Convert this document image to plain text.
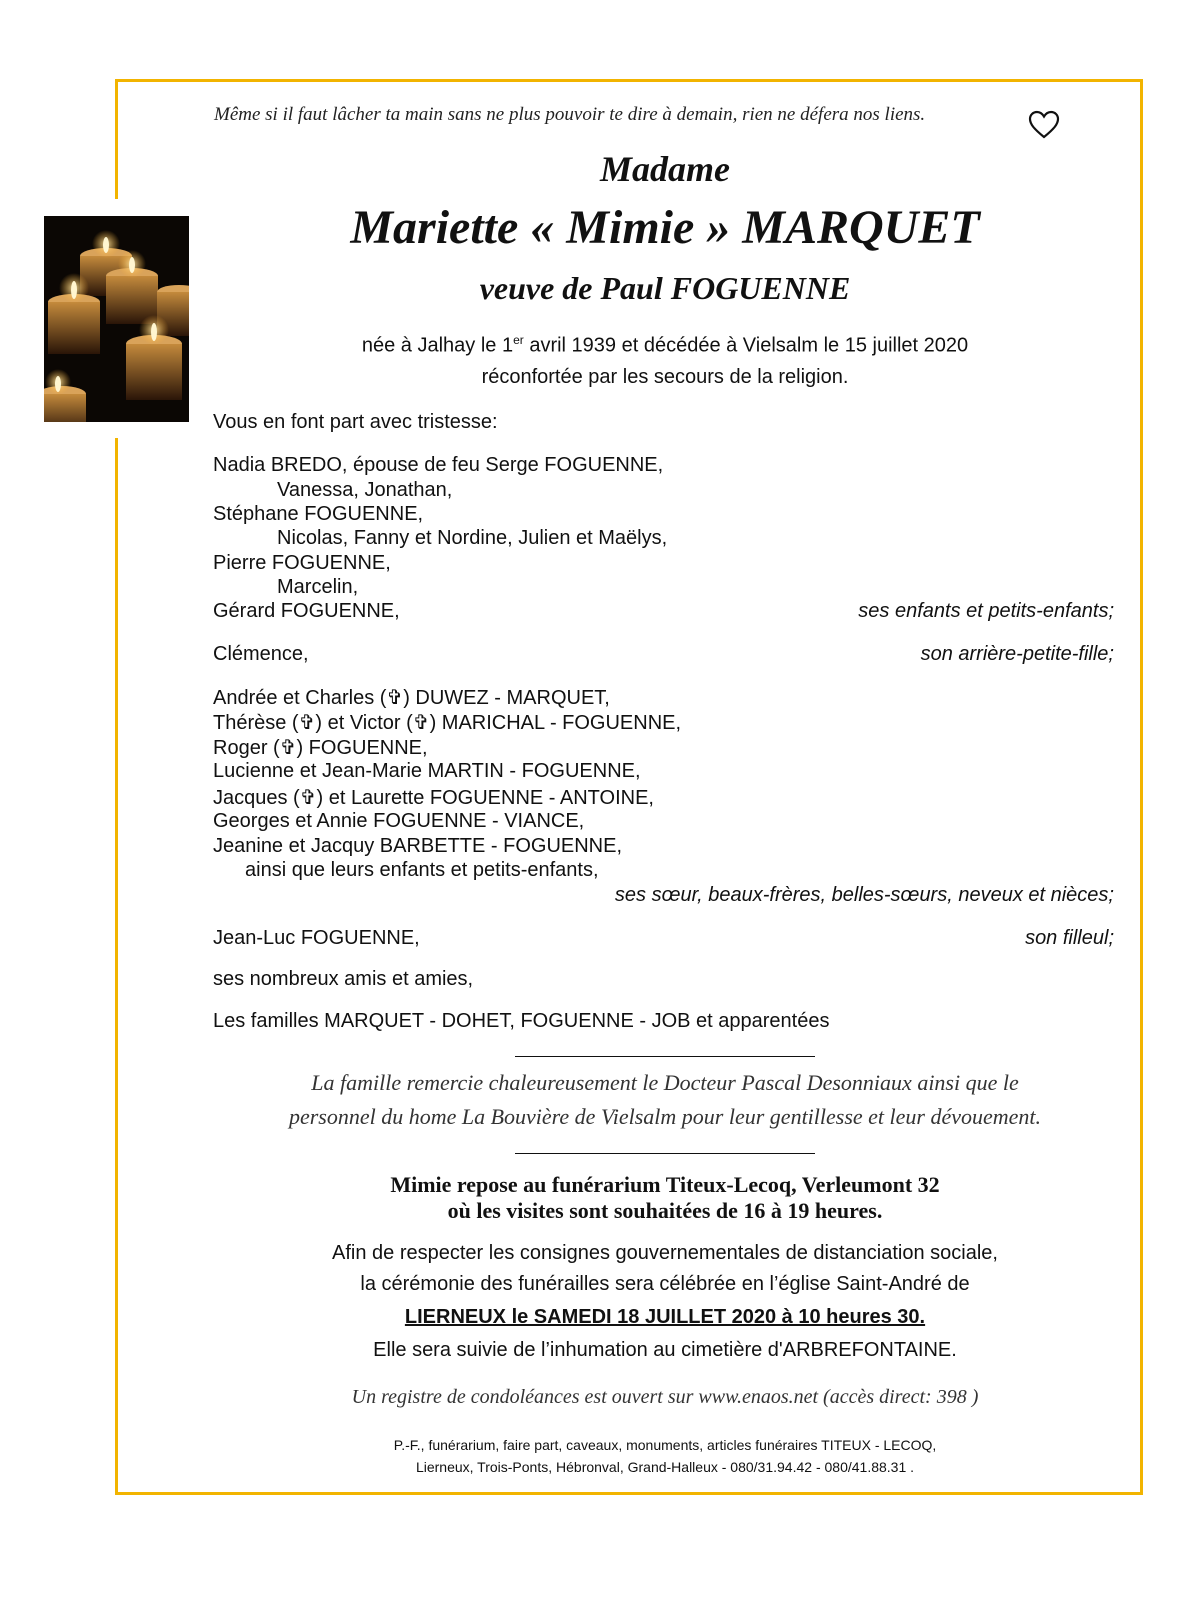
Même si il faut lâcher ta main sans ne plus pouvoir te dire à demain, rien ne défera nos liens.
Madame
Mariette « Mimie » MARQUET
veuve de Paul FOGUENNE
née à Jalhay le 1er avril 1939 et décédée à Vielsalm le 15 juillet 2020
réconfortée par les secours de la religion.
Vous en font part avec tristesse:
Nadia BREDO, épouse de feu Serge FOGUENNE,
Vanessa, Jonathan,
Stéphane FOGUENNE,
Nicolas, Fanny et Nordine, Julien et Maëlys,
Pierre FOGUENNE,
Marcelin,
Gérard FOGUENNE,	ses enfants et petits-enfants;
Clémence,	son arrière-petite-fille;
Andrée et Charles (✞) DUWEZ - MARQUET,
Thérèse (✞) et Victor (✞) MARICHAL - FOGUENNE,
Roger (✞) FOGUENNE,
Lucienne et Jean-Marie MARTIN - FOGUENNE,
Jacques (✞) et Laurette FOGUENNE - ANTOINE,
Georges et Annie FOGUENNE - VIANCE,
Jeanine et Jacquy BARBETTE - FOGUENNE,
ainsi que leurs enfants et petits-enfants,
ses sœur, beaux-frères, belles-sœurs, neveux et nièces;
Jean-Luc FOGUENNE,	son filleul;
ses nombreux amis et amies,
Les familles MARQUET - DOHET, FOGUENNE - JOB et apparentées
La famille remercie chaleureusement le Docteur Pascal Desonniaux ainsi que le
personnel du home La Bouvière de Vielsalm pour leur gentillesse et leur dévouement.
Mimie repose au funérarium Titeux-Lecoq, Verleumont 32
où les visites sont souhaitées de 16 à 19 heures.
Afin de respecter les consignes gouvernementales de distanciation sociale,
la cérémonie des funérailles sera célébrée en l’église Saint-André de
LIERNEUX le SAMEDI 18 JUILLET 2020 à 10 heures 30.
Elle sera suivie de l’inhumation au cimetière d'ARBREFONTAINE.
Un registre de condoléances est ouvert sur www.enaos.net (accès direct: 398 )
P.-F., funérarium, faire part, caveaux, monuments, articles funéraires TITEUX - LECOQ,
Lierneux, Trois-Ponts, Hébronval, Grand-Halleux - 080/31.94.42 - 080/41.88.31 .
